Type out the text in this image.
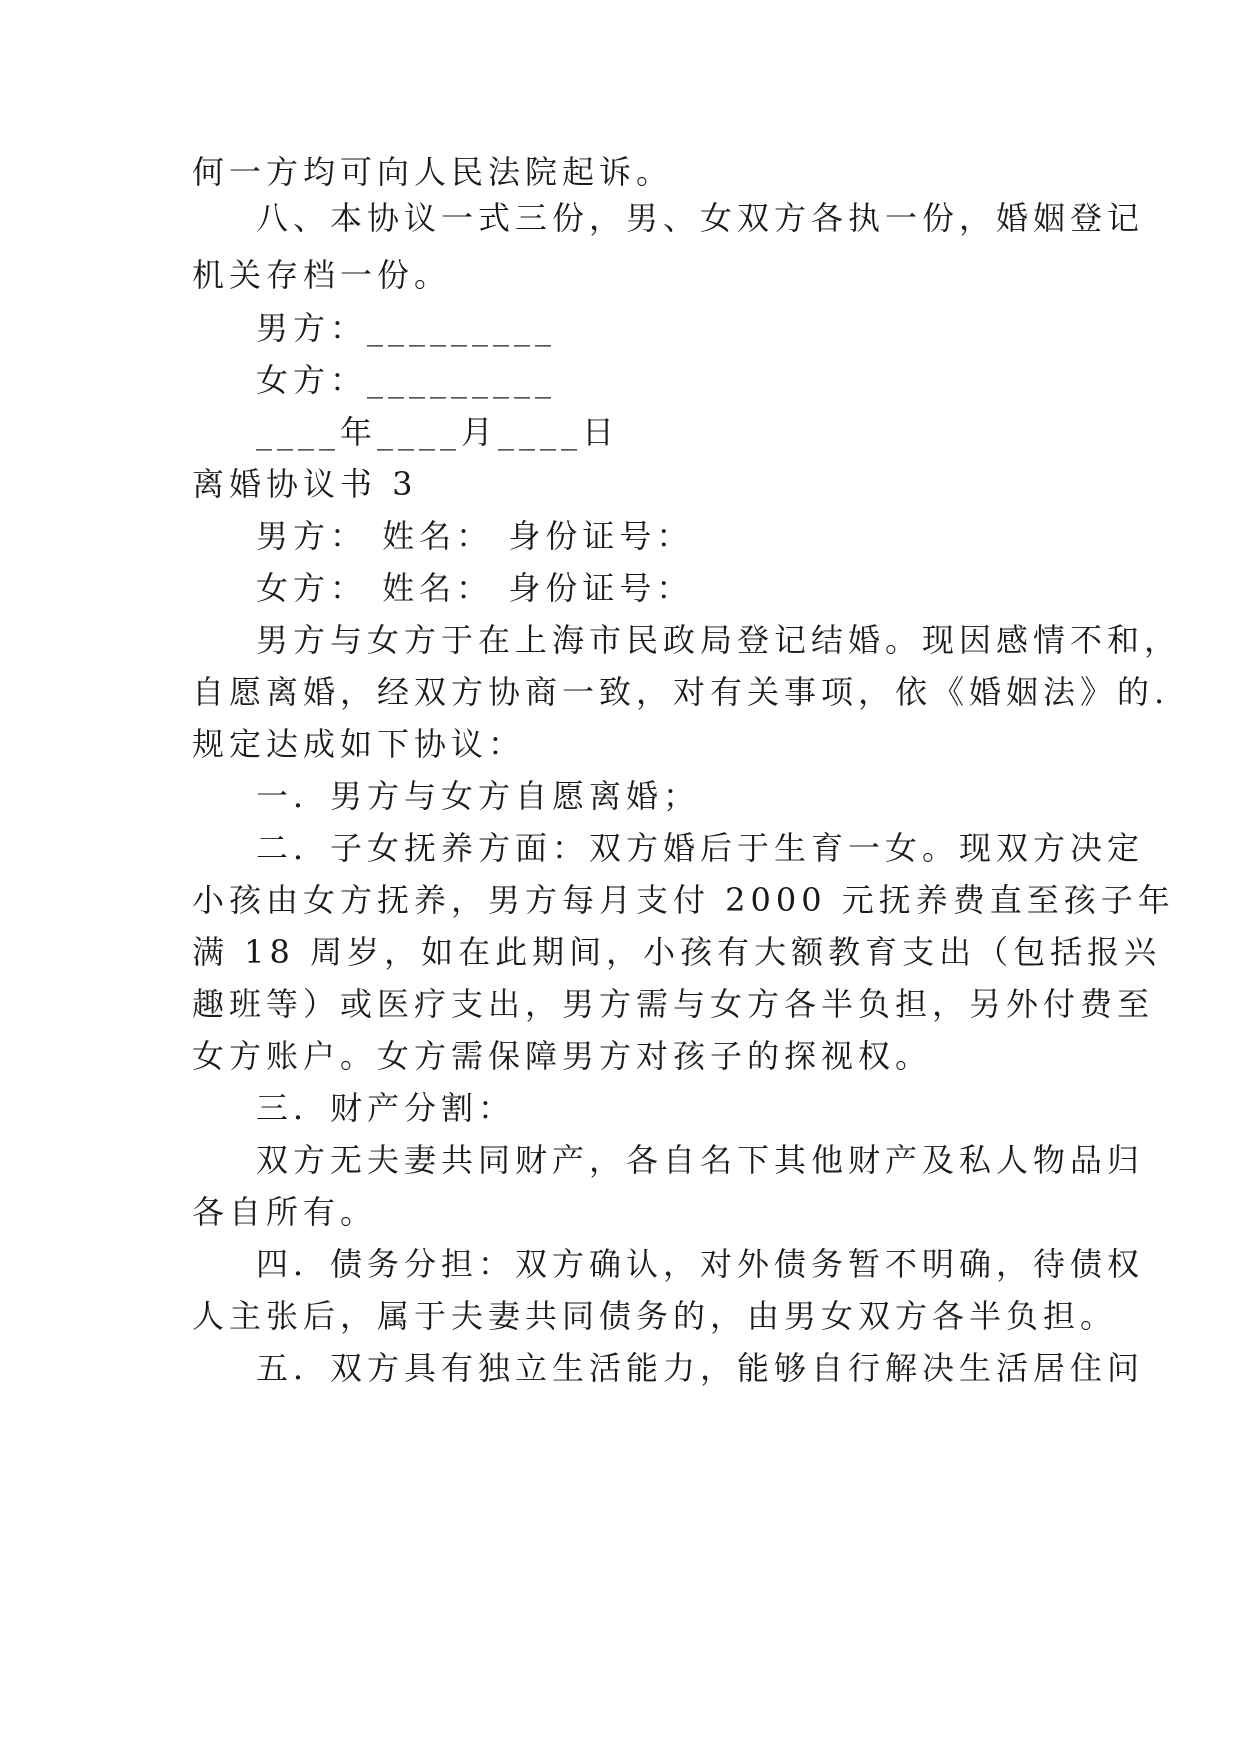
何一方均可向人民法院起诉。
八、本协议一式三份，男、女双方各执一份，婚姻登记
机关存档一份。
男方：_________
女方：_________
____年____月____日
离婚协议书 3
男方： 姓名： 身份证号：
女方： 姓名： 身份证号：
男方与女方于在上海市民政局登记结婚。现因感情不和，
自愿离婚，经双方协商一致，对有关事项，依《婚姻法》的.
规定达成如下协议：
一．男方与女方自愿离婚；
二．子女抚养方面：双方婚后于生育一女。现双方决定
小孩由女方抚养，男方每月支付 2000 元抚养费直至孩子年
满 18 周岁，如在此期间，小孩有大额教育支出（包括报兴
趣班等）或医疗支出，男方需与女方各半负担，另外付费至
女方账户。女方需保障男方对孩子的探视权。
三．财产分割：
双方无夫妻共同财产，各自名下其他财产及私人物品归
各自所有。
四．债务分担：双方确认，对外债务暂不明确，待债权
人主张后，属于夫妻共同债务的，由男女双方各半负担。
五．双方具有独立生活能力，能够自行解决生活居住问
